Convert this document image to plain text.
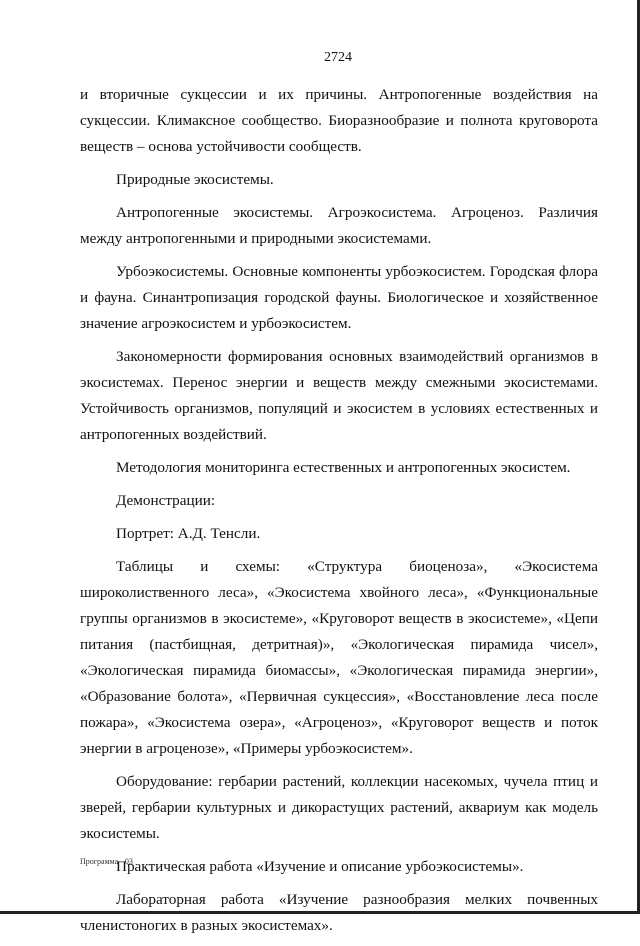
2724

и вторичные сукцессии и их причины. Антропогенные воздействия на сукцессии. Климаксное сообщество. Биоразнообразие и полнота круговорота веществ – основа устойчивости сообществ.

Природные экосистемы.

Антропогенные экосистемы. Агроэкосистема. Агроценоз. Различия между антропогенными и природными экосистемами.

Урбоэкосистемы. Основные компоненты урбоэкосистем. Городская флора и фауна. Синантропизация городской фауны. Биологическое и хозяйственное значение агроэкосистем и урбоэкосистем.

Закономерности формирования основных взаимодействий организмов в экосистемах. Перенос энергии и веществ между смежными экосистемами. Устойчивость организмов, популяций и экосистем в условиях естественных и антропогенных воздействий.

Методология мониторинга естественных и антропогенных экосистем.

Демонстрации:

Портрет: А.Д. Тенсли.

Таблицы и схемы: «Структура биоценоза», «Экосистема широколиственного леса», «Экосистема хвойного леса», «Функциональные группы организмов в экосистеме», «Круговорот веществ в экосистеме», «Цепи питания (пастбищная, детритная)», «Экологическая пирамида чисел», «Экологическая пирамида биомассы», «Экологическая пирамида энергии», «Образование болота», «Первичная сукцессия», «Восстановление леса после пожара», «Экосистема озера», «Агроценоз», «Круговорот веществ и поток энергии в агроценозе», «Примеры урбоэкосистем».

Оборудование: гербарии растений, коллекции насекомых, чучела птиц и зверей, гербарии культурных и дикорастущих растений, аквариум как модель экосистемы.

Практическая работа «Изучение и описание урбоэкосистемы».

Лабораторная работа «Изучение разнообразия мелких почвенных членистоногих в разных экосистемах».

Программа - 03
